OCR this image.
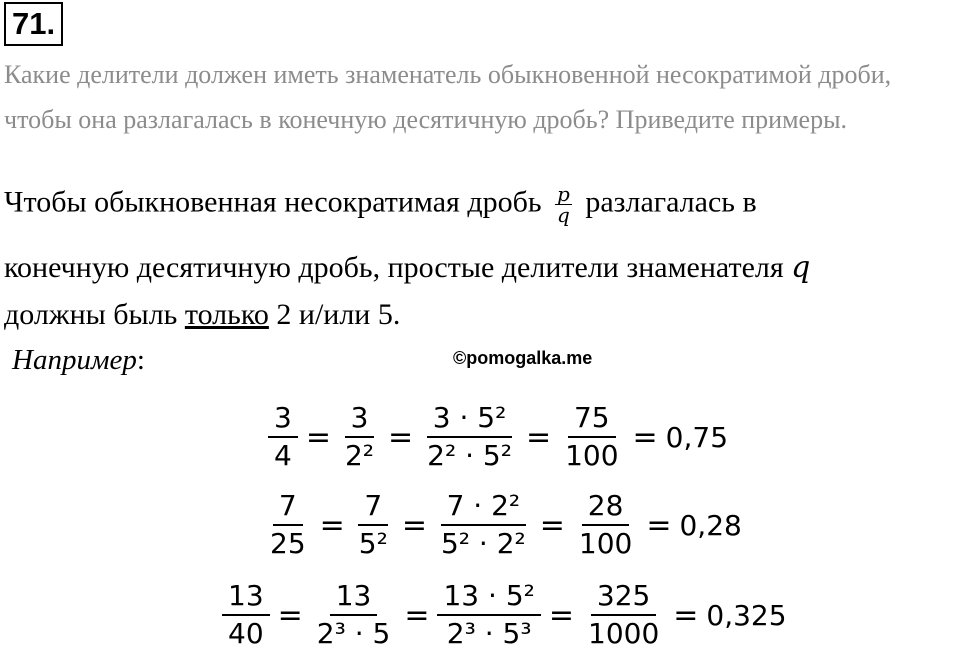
71.
Какие делители должен иметь знаменатель обыкновенной несократимой дроби, чтобы она разлагалась в конечную десятичную дробь? Приведите примеры.
Чтобы обыкновенная несократимая дробь $\frac{p}{q}$ разлагалась в
конечную десятичную дробь, простые делители знаменателя q
должны быль только 2 и/или 5.
Например:	©pomogalka.me
$\frac{3}{4} = \frac{3}{\text{2²}} = \frac{\text{3 · 5²}}{\text{2² · 5²}} = \frac{75}{100} = 0,75$
$\frac{7}{25} = \frac{7}{\text{5²}} = \frac{\text{7 · 2²}}{\text{5² · 2²}} = \frac{28}{100} = 0,28$
$\frac{13}{40} = \frac{13}{\text{2³ · 5}} = \frac{\text{13 · 5²}}{\text{2³ · 5³}} = \frac{325}{1000} = 0,325$
